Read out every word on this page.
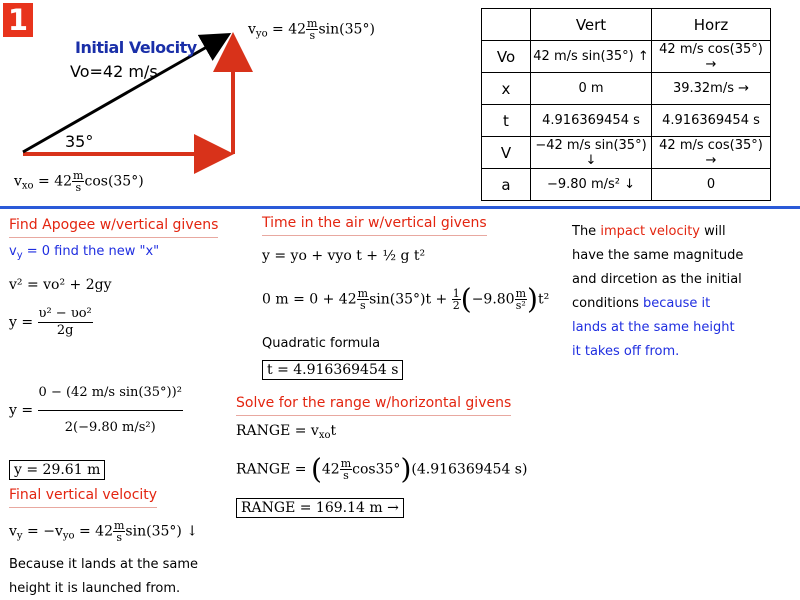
1
Initial Velocity
Vo=42 m/s
35°
$v_{yo} = 42 \frac{m}{s} \sin(35^\circ)$
$v_{xo} = 42 \frac{m}{s} \cos(35^\circ)$
	Vert	Horz
Vo	42 m/s sin(35°) ↑	42 m/s cos(35°) →
x	0 m	39.32m/s →
t	4.916369454 s	4.916369454 s
V	−42 m/s sin(35°) ↓	42 m/s cos(35°) →
a	−9.80 m/s² ↓	0
Find Apogee w/vertical givens
$v_y = 0$ find the new "x"
v² = vo² + 2gy
$y = \frac{\text{υ² − υo²}}{2g}$
$y = \frac{\text{0 − (42 m/s sin(35°))²}}{\text{2(−9.80 m/s²)}}$
y = 29.61 m
Final vertical velocity
$v_y = -v_{yo} = 42 \frac{m}{s} \sin(35^\circ)$ ↓
Because it lands at the same
height it is launched from.
Time in the air w/vertical givens
y = yo + vyo t + ½ g t²
0 $m = 0 + 42 \frac{m}{s} \sin(35^\circ)t + \frac{1}{2} (-9.80 \frac{m}{\text{s²}} )t^2$
Quadratic formula
t = 4.916369454 s
Solve for the range w/horizontal givens
RANGE = $v_{xo}t$
RANGE = $(42 \frac{m}{s} \cos 35^\circ)(4.916369454$ s)
RANGE = 169.14 m →
The impact velocity will
have the same magnitude
and dircetion as the initial
conditions because it
lands at the same height
it takes off from.
